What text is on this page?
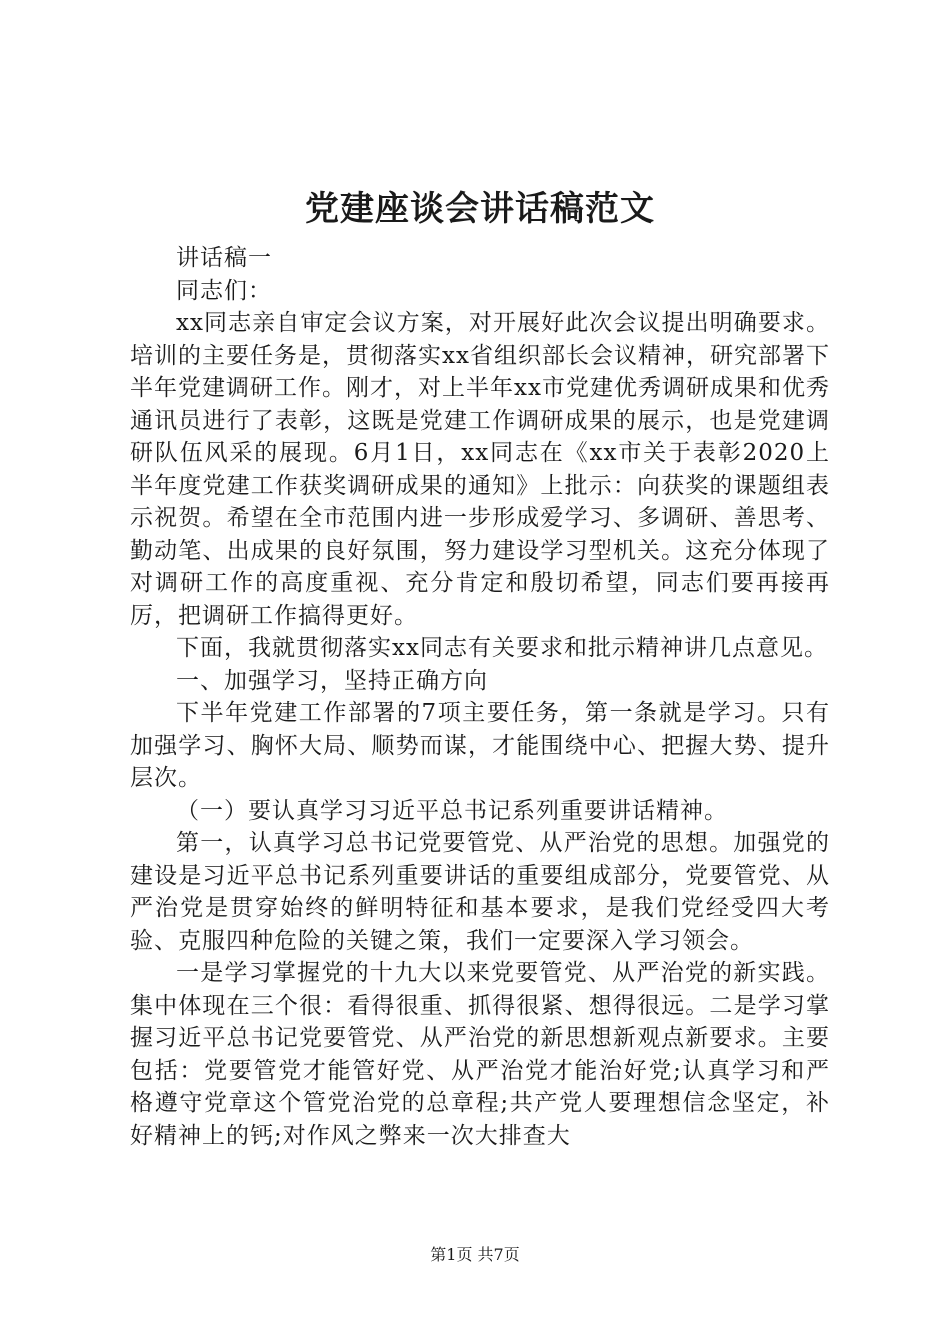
党建座谈会讲话稿范文

讲话稿一

同志们：

xx同志亲自审定会议方案，对开展好此次会议提出明确要求。培训的主要任务是，贯彻落实xx省组织部长会议精神，研究部署下半年党建调研工作。刚才，对上半年xx市党建优秀调研成果和优秀通讯员进行了表彰，这既是党建工作调研成果的展示，也是党建调研队伍风采的展现。6月1日，xx同志在《xx市关于表彰2020上半年度党建工作获奖调研成果的通知》上批示：向获奖的课题组表示祝贺。希望在全市范围内进一步形成爱学习、多调研、善思考、勤动笔、出成果的良好氛围，努力建设学习型机关。这充分体现了对调研工作的高度重视、充分肯定和殷切希望，同志们要再接再厉，把调研工作搞得更好。

下面，我就贯彻落实xx同志有关要求和批示精神讲几点意见。

一、加强学习，坚持正确方向

下半年党建工作部署的7项主要任务，第一条就是学习。只有加强学习、胸怀大局、顺势而谋，才能围绕中心、把握大势、提升层次。

（一）要认真学习习近平总书记系列重要讲话精神。

第一，认真学习总书记党要管党、从严治党的思想。加强党的建设是习近平总书记系列重要讲话的重要组成部分，党要管党、从严治党是贯穿始终的鲜明特征和基本要求，是我们党经受四大考验、克服四种危险的关键之策，我们一定要深入学习领会。

一是学习掌握党的十九大以来党要管党、从严治党的新实践。集中体现在三个很：看得很重、抓得很紧、想得很远。二是学习掌握习近平总书记党要管党、从严治党的新思想新观点新要求。主要包括：党要管党才能管好党、从严治党才能治好党;认真学习和严格遵守党章这个管党治党的总章程;共产党人要理想信念坚定，补好精神上的钙;对作风之弊来一次大排查大

第1页 共7页
